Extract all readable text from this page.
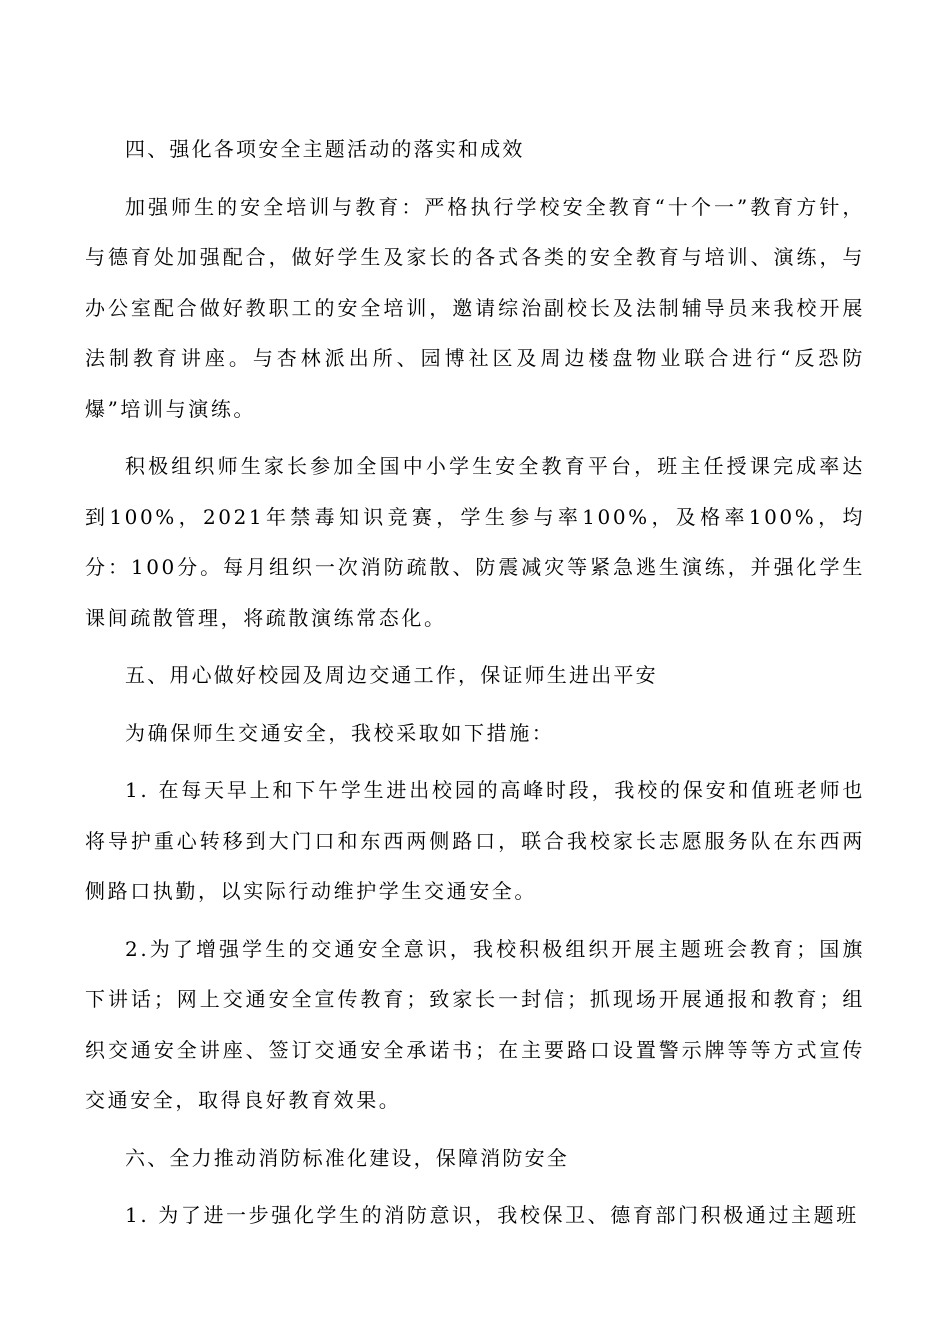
四、强化各项安全主题活动的落实和成效

加强师生的安全培训与教育：严格执行学校安全教育“十个一”教育方针，与德育处加强配合，做好学生及家长的各式各类的安全教育与培训、演练，与办公室配合做好教职工的安全培训，邀请综治副校长及法制辅导员来我校开展法制教育讲座。与杏林派出所、园博社区及周边楼盘物业联合进行“反恐防爆”培训与演练。

积极组织师生家长参加全国中小学生安全教育平台，班主任授课完成率达到100%，2021年禁毒知识竞赛，学生参与率100%，及格率100%，均分：100分。每月组织一次消防疏散、防震减灾等紧急逃生演练，并强化学生课间疏散管理，将疏散演练常态化。

五、用心做好校园及周边交通工作，保证师生进出平安

为确保师生交通安全，我校采取如下措施：

1. 在每天早上和下午学生进出校园的高峰时段，我校的保安和值班老师也将导护重心转移到大门口和东西两侧路口，联合我校家长志愿服务队在东西两侧路口执勤，以实际行动维护学生交通安全。

2.为了增强学生的交通安全意识，我校积极组织开展主题班会教育；国旗下讲话；网上交通安全宣传教育；致家长一封信；抓现场开展通报和教育；组织交通安全讲座、签订交通安全承诺书；在主要路口设置警示牌等等方式宣传交通安全，取得良好教育效果。

六、全力推动消防标准化建设，保障消防安全

1. 为了进一步强化学生的消防意识，我校保卫、德育部门积极通过主题班
